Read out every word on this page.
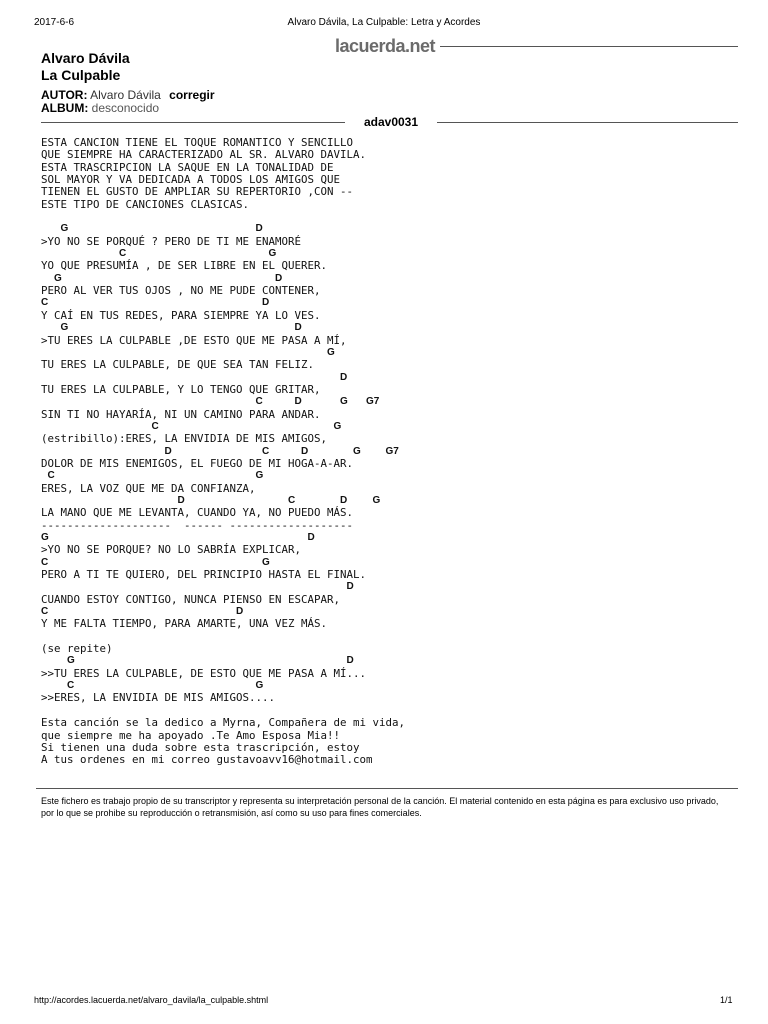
2017-6-6	Alvaro Dávila, La Culpable: Letra y Acordes
lacuerda.net
Alvaro Dávila
La Culpable
AUTOR: Alvaro Dávila corregir
ALBUM: desconocido
adav0031
ESTA CANCION TIENE EL TOQUE ROMANTICO Y SENCILLO
QUE SIEMPRE HA CARACTERIZADO AL SR. ALVARO DAVILA.
ESTA TRASCRIPCION LA SAQUE EN LA TONALIDAD DE
SOL MAYOR Y VA DEDICADA A TODOS LOS AMIGOS QUE
TIENEN EL GUSTO DE AMPLIAR SU REPERTORIO ,CON --
ESTE TIPO DE CANCIONES CLASICAS.
G	D
>YO NO SE PORQUÉ ? PERO DE TI ME ENAMORÉ
C	G
YO QUE PRESUMÍA , DE SER LIBRE EN EL QUERER.
G	D
PERO AL VER TUS OJOS , NO ME PUDE CONTENER,
C	D
Y CAÍ EN TUS REDES, PARA SIEMPRE YA LO VES.
G	D
>TU ERES LA CULPABLE ,DE ESTO QUE ME PASA A MÍ,
G
TU ERES LA CULPABLE, DE QUE SEA TAN FELIZ.
D
TU ERES LA CULPABLE, Y LO TENGO QUE GRITAR,
C	D	G G7
SIN TI NO HAYARÍA, NI UN CAMINO PARA ANDAR.
C	G
(estribillo):ERES, LA ENVIDIA DE MIS AMIGOS,
D	C	D	G G7
DOLOR DE MIS ENEMIGOS, EL FUEGO DE MI HOGA-A-AR.
C	G
ERES, LA VOZ QUE ME DA CONFIANZA,
D	C	D	G
LA MANO QUE ME LEVANTA, CUANDO YA, NO PUEDO MÁS.
--------------------  ------ -------------------
G	D
>YO NO SE PORQUE? NO LO SABRÍA EXPLICAR,
C	G
PERO A TI TE QUIERO, DEL PRINCIPIO HASTA EL FINAL.
D
CUANDO ESTOY CONTIGO, NUNCA PIENSO EN ESCAPAR,
C	D
Y ME FALTA TIEMPO, PARA AMARTE, UNA VEZ MÁS.
(se repite)
G	D
>>TU ERES LA CULPABLE, DE ESTO QUE ME PASA A MÍ...
C	G
>>ERES, LA ENVIDIA DE MIS AMIGOS....
Esta canción se la dedico a Myrna, Compañera de mi vida,
que siempre me ha apoyado .Te Amo Esposa Mia!!
Si tienen una duda sobre esta trascripción, estoy
A tus ordenes en mi correo gustavoavv16@hotmail.com
Este fichero es trabajo propio de su transcriptor y representa su interpretación personal de la canción. El material contenido en esta página es para exclusivo uso privado, por lo que se prohibe su reproducción o retransmisión, así como su uso para fines comerciales.
http://acordes.lacuerda.net/alvaro_davila/la_culpable.shtml	1/1
